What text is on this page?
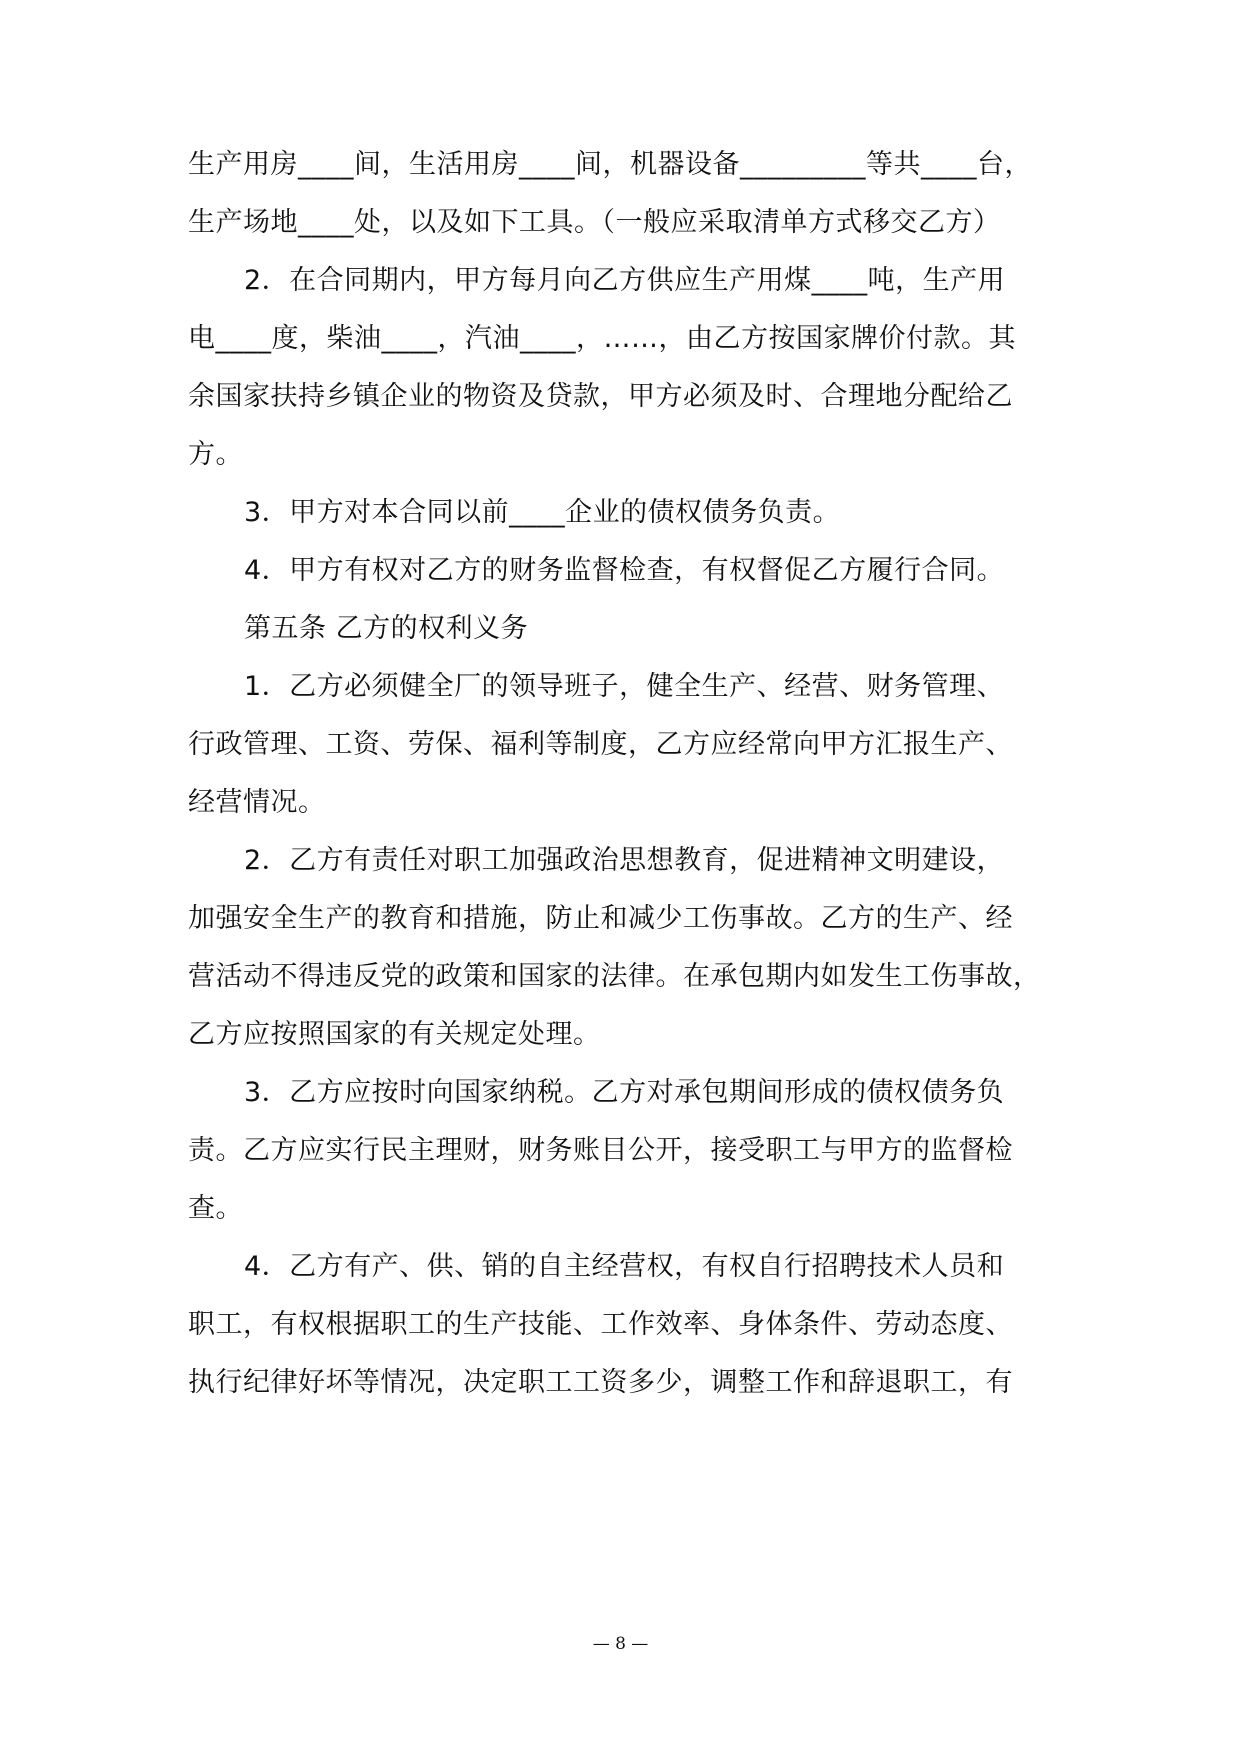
生产用房____间，生活用房____间，机器设备_________等共____台，
生产场地____处，以及如下工具。（一般应采取清单方式移交乙方）
2．在合同期内，甲方每月向乙方供应生产用煤____吨，生产用
电____度，柴油____，汽油____，……，由乙方按国家牌价付款。其
余国家扶持乡镇企业的物资及贷款，甲方必须及时、合理地分配给乙
方。
3．甲方对本合同以前____企业的债权债务负责。
4．甲方有权对乙方的财务监督检查，有权督促乙方履行合同。
第五条 乙方的权利义务
1．乙方必须健全厂的领导班子，健全生产、经营、财务管理、
行政管理、工资、劳保、福利等制度，乙方应经常向甲方汇报生产、
经营情况。
2．乙方有责任对职工加强政治思想教育，促进精神文明建设，
加强安全生产的教育和措施，防止和减少工伤事故。乙方的生产、经
营活动不得违反党的政策和国家的法律。在承包期内如发生工伤事故，
乙方应按照国家的有关规定处理。
3．乙方应按时向国家纳税。乙方对承包期间形成的债权债务负
责。乙方应实行民主理财，财务账目公开，接受职工与甲方的监督检
查。
4．乙方有产、供、销的自主经营权，有权自行招聘技术人员和
职工，有权根据职工的生产技能、工作效率、身体条件、劳动态度、
执行纪律好坏等情况，决定职工工资多少，调整工作和辞退职工，有
— 8 —
